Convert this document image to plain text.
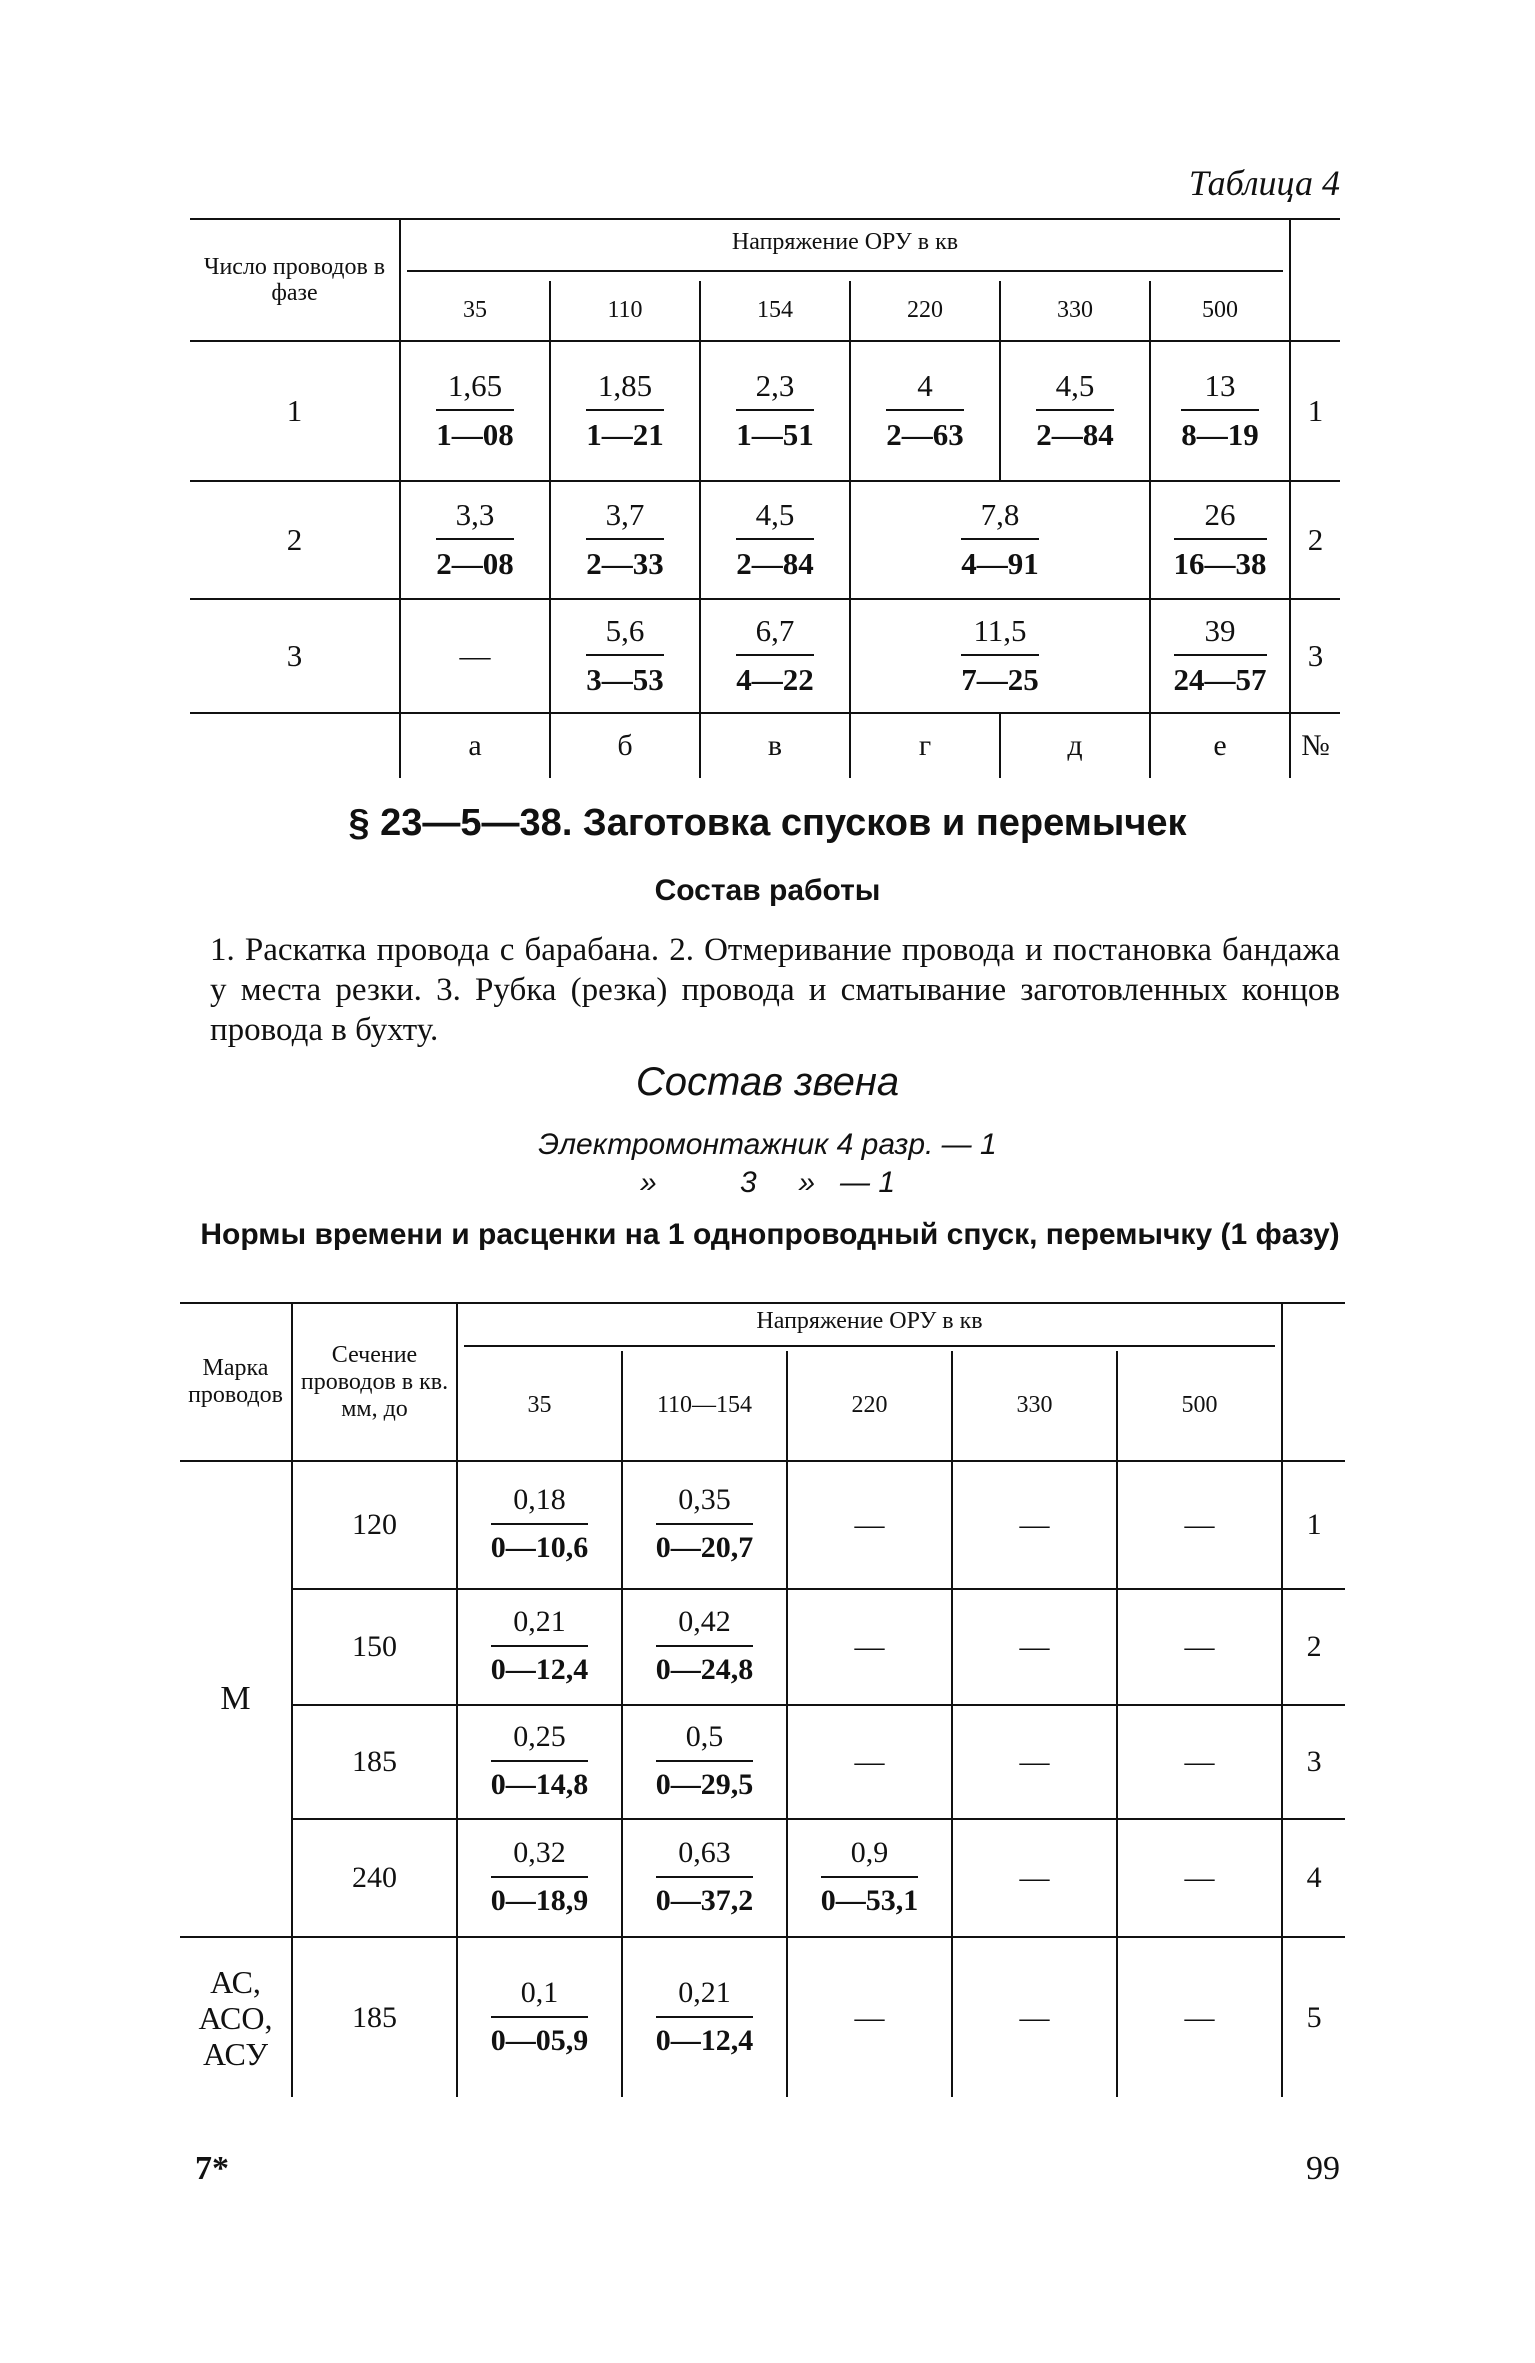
Таблица 4
Число проводов в фазе	Напряжение ОРУ в кв						

	35	110	154	220	330	500	
1	$\frac{1,65}{1—08}$	$\frac{1,85}{1—21}$	$\frac{2,3}{1—51}$	$\frac{4}{2—63}$	$\frac{4,5}{2—84}$	$\frac{13}{8—19}$	1
2	$\frac{3,3}{2—08}$	$\frac{3,7}{2—33}$	$\frac{4,5}{2—84}$	$\frac{7,8}{4—91}$		$\frac{26}{16—38}$	2
3	—	$\frac{5,6}{3—53}$	$\frac{6,7}{4—22}$	$\frac{11,5}{7—25}$		$\frac{39}{24—57}$	3
	а	б	в	г	д	е	№
§ 23—5—38. Заготовка спусков и перемычек
Состав работы
1. Раскатка провода с барабана. 2. Отмеривание провода и постановка бандажа у места резки. 3. Рубка (резка) провода и сматывание заготовленных концов провода в бухту.
Состав звена
Электромонтажник 4 разр. — 1
»          3     »   — 1
Нормы времени и расценки на 1 однопроводный спуск, перемычку (1 фазу)
Марка проводов	Сечение проводов в кв. мм, до	Напряжение ОРУ в кв					

		35	110—154	220	330	500	
М	120	$\frac{0,18}{0—10,6}$	$\frac{0,35}{0—20,7}$	—	—	—	1
	150	$\frac{0,21}{0—12,4}$	$\frac{0,42}{0—24,8}$	—	—	—	2
	185	$\frac{0,25}{0—14,8}$	$\frac{0,5}{0—29,5}$	—	—	—	3
	240	$\frac{0,32}{0—18,9}$	$\frac{0,63}{0—37,2}$	$\frac{0,9}{0—53,1}$	—	—	4
АС, АСО, АСУ	185	$\frac{0,1}{0—05,9}$	$\frac{0,21}{0—12,4}$	—	—	—	5
7*	99
